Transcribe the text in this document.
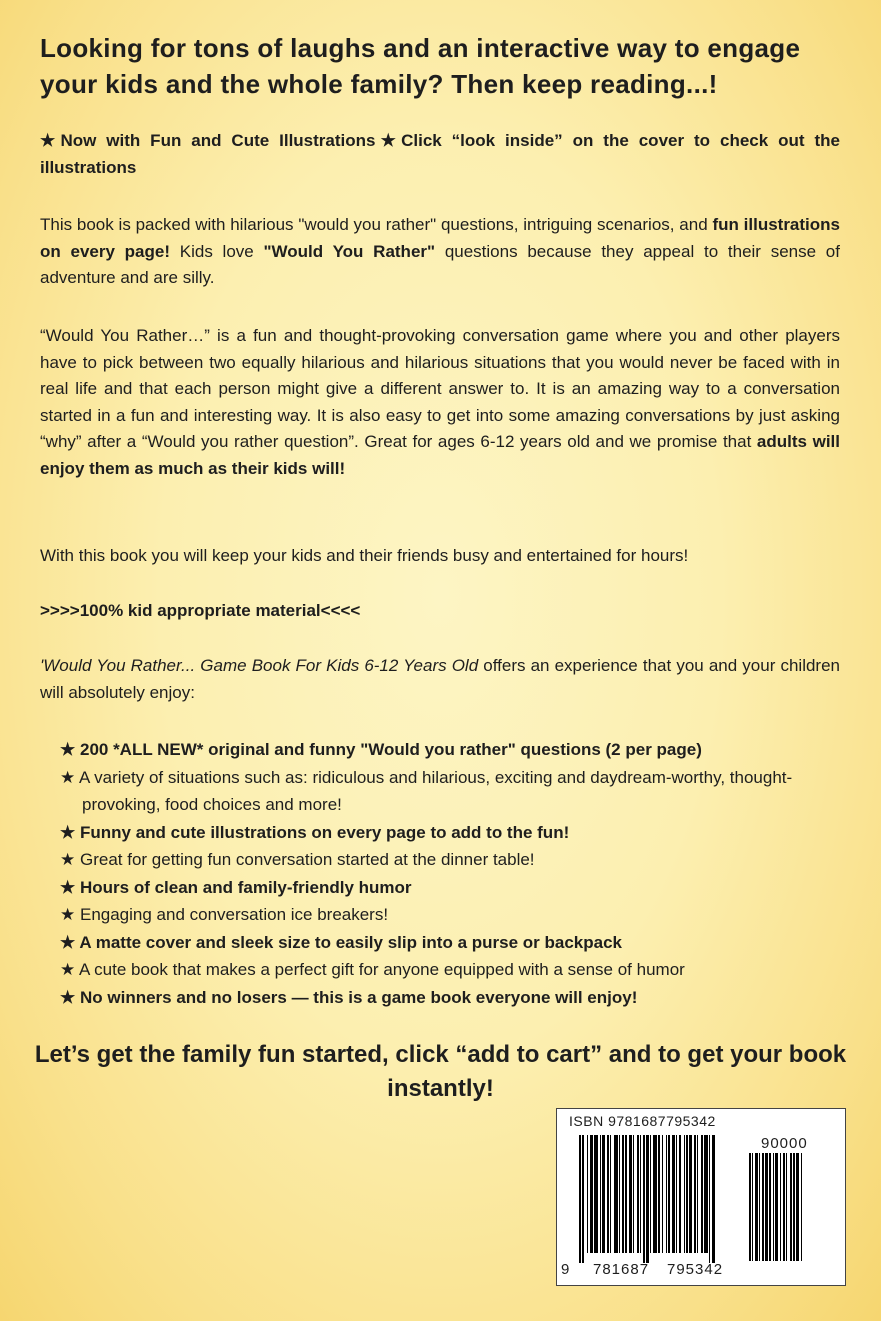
Looking for tons of laughs and an interactive way to engage your kids and the whole family? Then keep reading...!

★Now with Fun and Cute Illustrations★Click “look inside” on the cover to check out the illustrations

This book is packed with hilarious "would you rather" questions, intriguing scenarios, and fun illustrations on every page! Kids love "Would You Rather" questions because they appeal to their sense of adventure and are silly.

“Would You Rather…” is a fun and thought-provoking conversation game where you and other players have to pick between two equally hilarious and hilarious situations that you would never be faced with in real life and that each person might give a different answer to. It is an amazing way to a conversation started in a fun and interesting way. It is also easy to get into some amazing conversations by just asking “why” after a “Would you rather question”. Great for ages 6-12 years old and we promise that adults will enjoy them as much as their kids will!

With this book you will keep your kids and their friends busy and entertained for hours!

>>>>100% kid appropriate material<<<<

'Would You Rather... Game Book For Kids 6-12 Years Old offers an experience that you and your children will absolutely enjoy:

★ 200 *ALL NEW* original and funny "Would you rather" questions (2 per page)
★ A variety of situations such as: ridiculous and hilarious, exciting and daydream-worthy, thought-provoking, food choices and more!
★ Funny and cute illustrations on every page to add to the fun!
★ Great for getting fun conversation started at the dinner table!
★ Hours of clean and family-friendly humor
★ Engaging and conversation ice breakers!
★ A matte cover and sleek size to easily slip into a purse or backpack
★ A cute book that makes a perfect gift for anyone equipped with a sense of humor
★ No winners and no losers — this is a game book everyone will enjoy!

Let’s get the family fun started, click “add to cart” and to get your book instantly!

ISBN 9781687795342
90000
9 781687 795342
